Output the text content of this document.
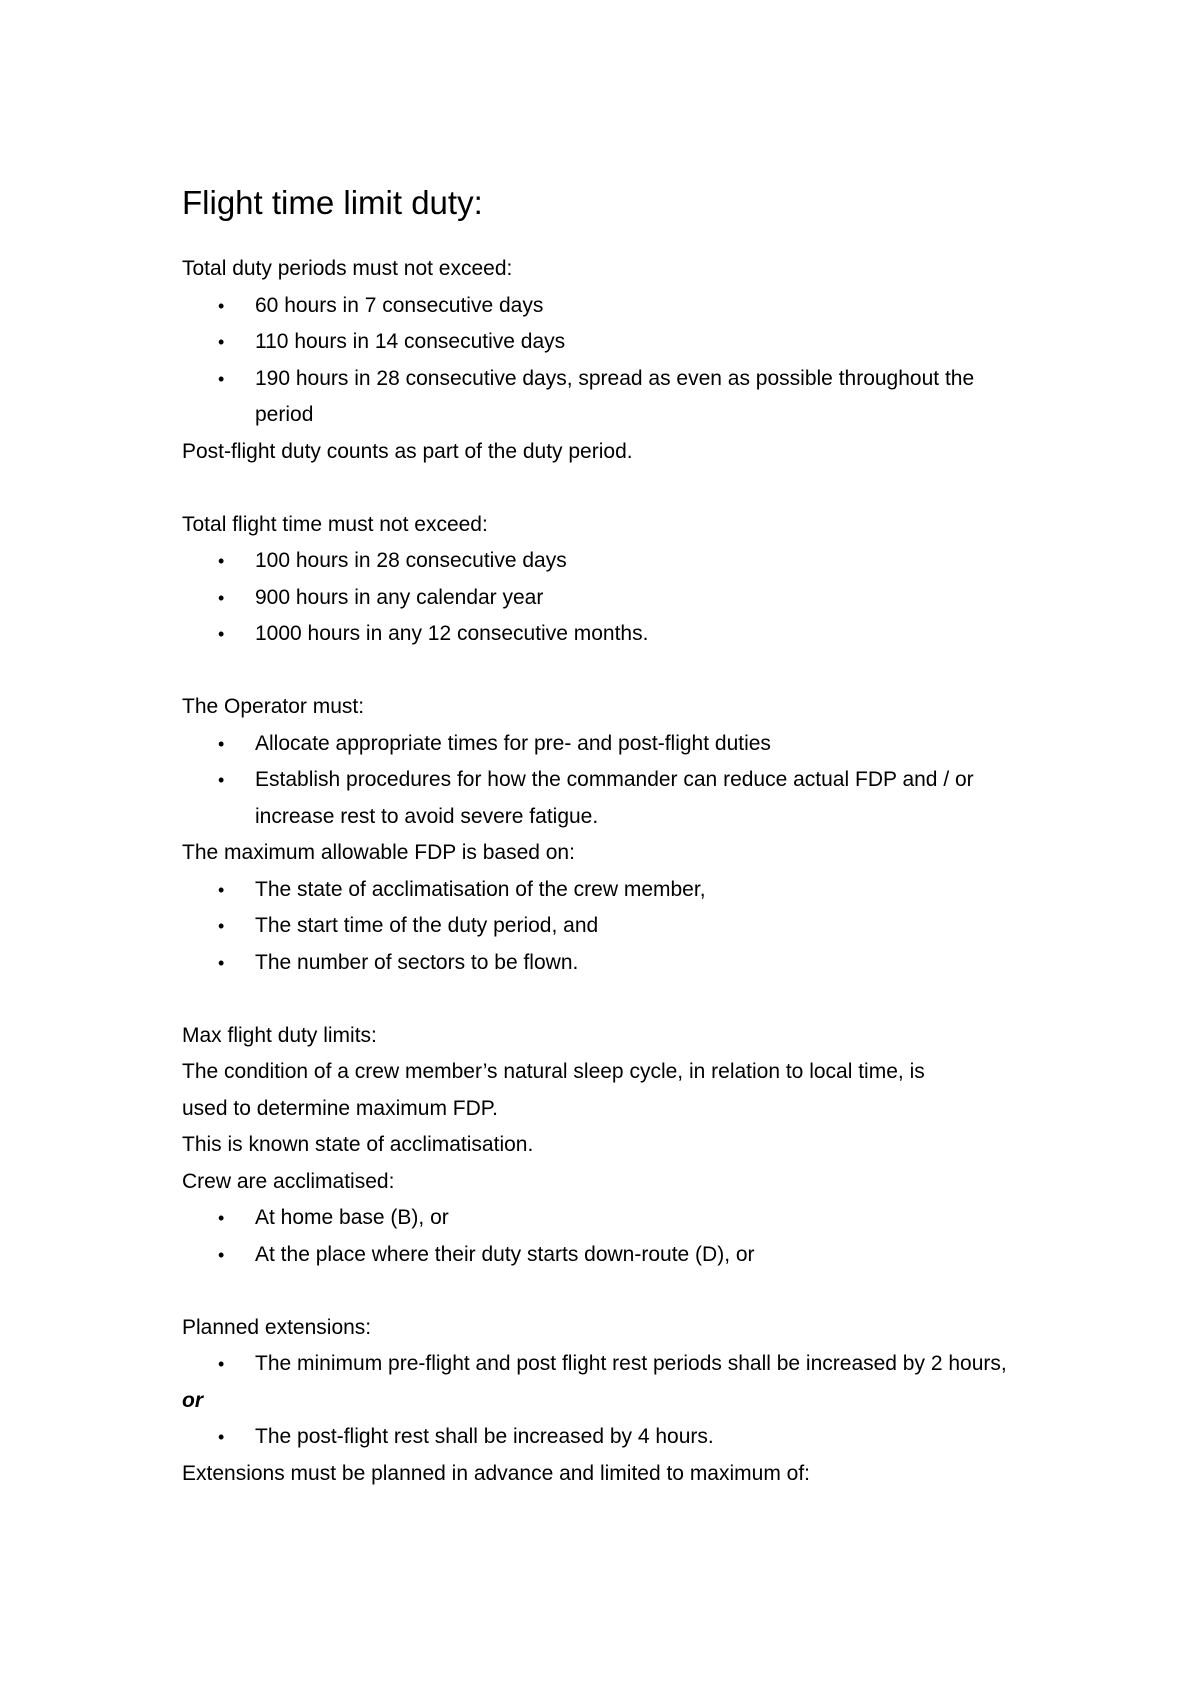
Flight time limit duty:

Total duty periods must not exceed:

• 60 hours in 7 consecutive days
• 110 hours in 14 consecutive days
• 190 hours in 28 consecutive days, spread as even as possible throughout the period

Post-flight duty counts as part of the duty period.

Total flight time must not exceed:

• 100 hours in 28 consecutive days
• 900 hours in any calendar year
• 1000 hours in any 12 consecutive months.

The Operator must:

• Allocate appropriate times for pre- and post-flight duties
• Establish procedures for how the commander can reduce actual FDP and / or increase rest to avoid severe fatigue.

The maximum allowable FDP is based on:

• The state of acclimatisation of the crew member,
• The start time of the duty period, and
• The number of sectors to be flown.

Max flight duty limits:

The condition of a crew member’s natural sleep cycle, in relation to local time, is

used to determine maximum FDP.

This is known state of acclimatisation.

Crew are acclimatised:

• At home base (B), or
• At the place where their duty starts down-route (D), or

Planned extensions:

• The minimum pre-flight and post flight rest periods shall be increased by 2 hours,

or

• The post-flight rest shall be increased by 4 hours.

Extensions must be planned in advance and limited to maximum of:
